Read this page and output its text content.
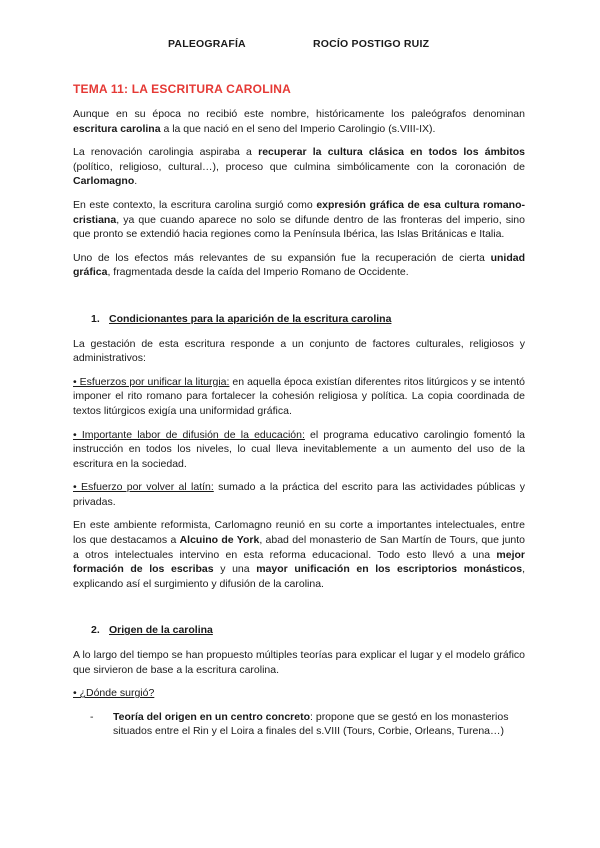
PALEOGRAFÍA	ROCÍO POSTIGO RUIZ
TEMA 11: LA ESCRITURA CAROLINA

Aunque en su época no recibió este nombre, históricamente los paleógrafos denominan escritura carolina a la que nació en el seno del Imperio Carolingio (s.VIII-IX).

La renovación carolingia aspiraba a recuperar la cultura clásica en todos los ámbitos (político, religioso, cultural…), proceso que culmina simbólicamente con la coronación de Carlomagno.

En este contexto, la escritura carolina surgió como expresión gráfica de esa cultura romano-cristiana, ya que cuando aparece no solo se difunde dentro de las fronteras del imperio, sino que pronto se extendió hacia regiones como la Península Ibérica, las Islas Británicas e Italia.

Uno de los efectos más relevantes de su expansión fue la recuperación de cierta unidad gráfica, fragmentada desde la caída del Imperio Romano de Occidente.

1. Condicionantes para la aparición de la escritura carolina

La gestación de esta escritura responde a un conjunto de factores culturales, religiosos y administrativos:

• Esfuerzos por unificar la liturgia: en aquella época existían diferentes ritos litúrgicos y se intentó imponer el rito romano para fortalecer la cohesión religiosa y política. La copia coordinada de textos litúrgicos exigía una uniformidad gráfica.

• Importante labor de difusión de la educación: el programa educativo carolingio fomentó la instrucción en todos los niveles, lo cual lleva inevitablemente a un aumento del uso de la escritura en la sociedad.

• Esfuerzo por volver al latín: sumado a la práctica del escrito para las actividades públicas y privadas.

En este ambiente reformista, Carlomagno reunió en su corte a importantes intelectuales, entre los que destacamos a Alcuino de York, abad del monasterio de San Martín de Tours, que junto a otros intelectuales intervino en esta reforma educacional. Todo esto llevó a una mejor formación de los escribas y una mayor unificación en los escriptorios monásticos, explicando así el surgimiento y difusión de la carolina.

2. Origen de la carolina

A lo largo del tiempo se han propuesto múltiples teorías para explicar el lugar y el modelo gráfico que sirvieron de base a la escritura carolina.

• ¿Dónde surgió?

-	Teoría del origen en un centro concreto: propone que se gestó en los monasterios situados entre el Rin y el Loira a finales del s.VIII (Tours, Corbie, Orleans, Turena…)
